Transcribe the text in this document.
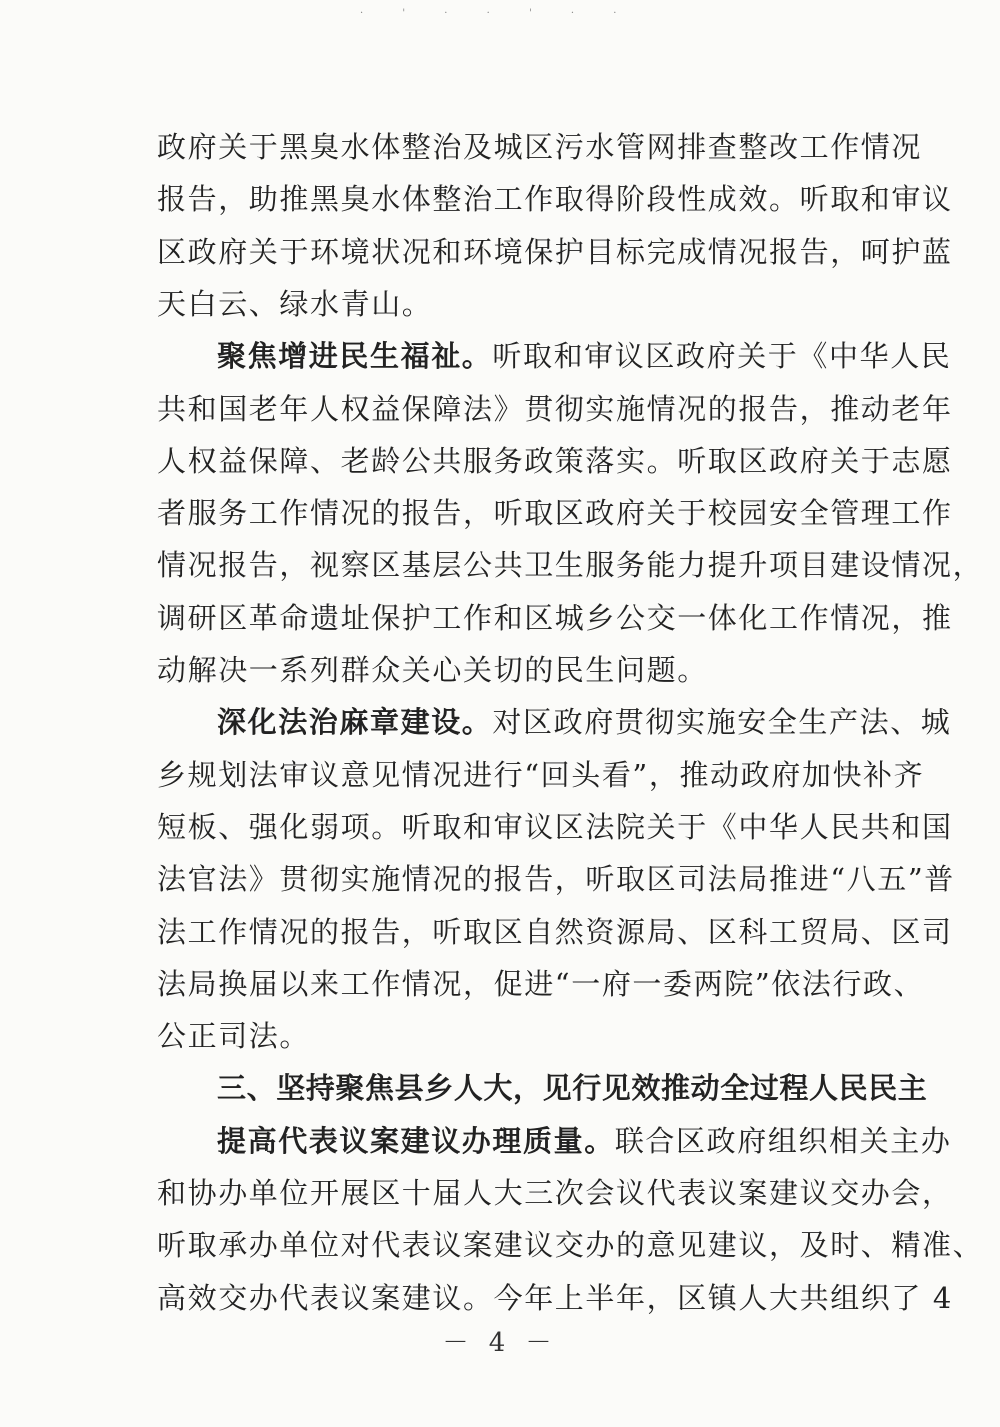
· ' · · ' · ·
政府关于黑臭水体整治及城区污水管网排查整改工作情况
报告，助推黑臭水体整治工作取得阶段性成效。听取和审议
区政府关于环境状况和环境保护目标完成情况报告，呵护蓝
天白云、绿水青山。
聚焦增进民生福祉。听取和审议区政府关于《中华人民
共和国老年人权益保障法》贯彻实施情况的报告，推动老年
人权益保障、老龄公共服务政策落实。听取区政府关于志愿
者服务工作情况的报告，听取区政府关于校园安全管理工作
情况报告，视察区基层公共卫生服务能力提升项目建设情况，
调研区革命遗址保护工作和区城乡公交一体化工作情况，推
动解决一系列群众关心关切的民生问题。
深化法治麻章建设。对区政府贯彻实施安全生产法、城
乡规划法审议意见情况进行“回头看”，推动政府加快补齐
短板、强化弱项。听取和审议区法院关于《中华人民共和国
法官法》贯彻实施情况的报告，听取区司法局推进“八五”普
法工作情况的报告，听取区自然资源局、区科工贸局、区司
法局换届以来工作情况，促进“一府一委两院”依法行政、
公正司法。
三、坚持聚焦县乡人大，见行见效推动全过程人民民主
提高代表议案建议办理质量。联合区政府组织相关主办
和协办单位开展区十届人大三次会议代表议案建议交办会，
听取承办单位对代表议案建议交办的意见建议，及时、精准、
高效交办代表议案建议。今年上半年，区镇人大共组织了 4
－ 4 －
